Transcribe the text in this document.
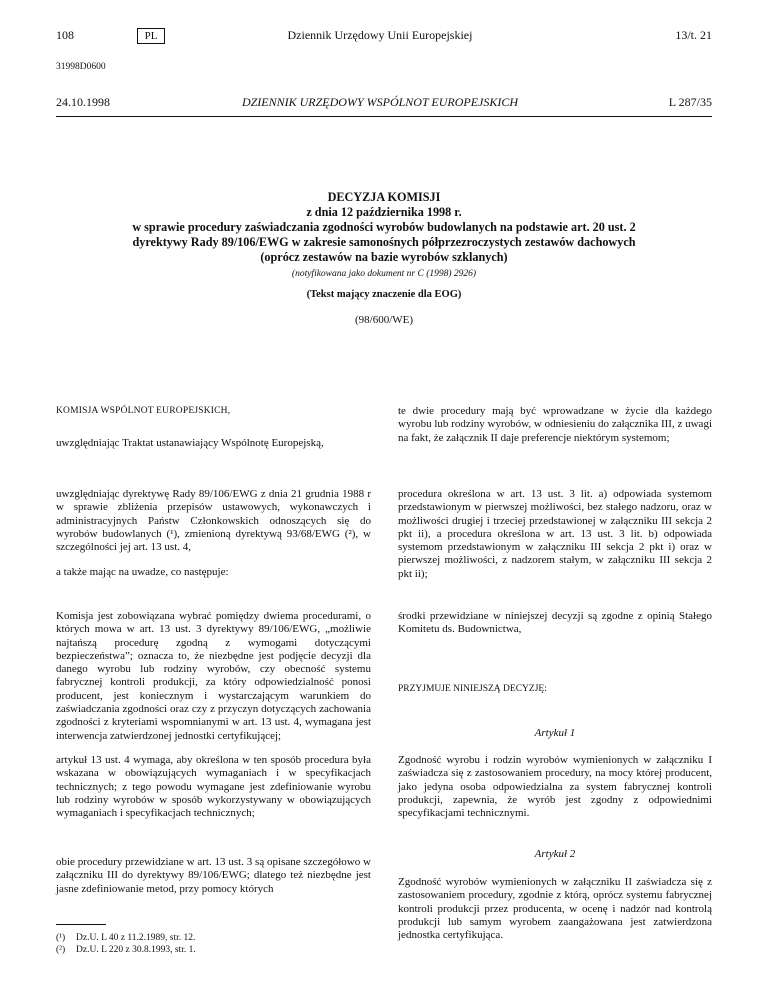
108	PL	Dziennik Urzędowy Unii Europejskiej	13/t. 21
31998D0600
24.10.1998	DZIENNIK URZĘDOWY WSPÓLNOT EUROPEJSKICH	L 287/35
DECYZJA KOMISJI
z dnia 12 października 1998 r.
w sprawie procedury zaświadczania zgodności wyrobów budowlanych na podstawie art. 20 ust. 2
dyrektywy Rady 89/106/EWG w zakresie samonośnych półprzezroczystych zestawów dachowych
(oprócz zestawów na bazie wyrobów szklanych)
(notyfikowana jako dokument nr C (1998) 2926)
(Tekst mający znaczenie dla EOG)
(98/600/WE)

KOMISJA WSPÓLNOT EUROPEJSKICH,

uwzględniając Traktat ustanawiający Wspólnotę Europejską,

uwzględniając dyrektywę Rady 89/106/EWG z dnia 21 grudnia 1988 r w sprawie zbliżenia przepisów ustawowych, wykonawczych i administracyjnych Państw Członkowskich odnoszących się do wyrobów budowlanych (¹), zmienioną dyrektywą 93/68/EWG (²), w szczególności jej art. 13 ust. 4,

a także mając na uwadze, co następuje:

Komisja jest zobowiązana wybrać pomiędzy dwiema procedurami, o których mowa w art. 13 ust. 3 dyrektywy 89/106/EWG, „możliwie najtańszą procedurę zgodną z wymogami dotyczącymi bezpieczeństwa”; oznacza to, że niezbędne jest podjęcie decyzji dla danego wyrobu lub rodziny wyrobów, czy obecność systemu fabrycznej kontroli produkcji, za który odpowiedzialność ponosi producent, jest koniecznym i wystarczającym warunkiem do zaświadczania zgodności oraz czy z przyczyn dotyczących zachowania zgodności z kryteriami wspomnianymi w art. 13 ust. 4, wymagana jest interwencja zatwierdzonej jednostki certyfikującej;

artykuł 13 ust. 4 wymaga, aby określona w ten sposób procedura była wskazana w obowiązujących wymaganiach i w specyfikacjach technicznych; z tego powodu wymagane jest zdefiniowanie wyrobu lub rodziny wyrobów w sposób wykorzystywany w obowiązujących wymaganiach i specyfikacjach technicznych;

obie procedury przewidziane w art. 13 ust. 3 są opisane szczegółowo w załączniku III do dyrektywy 89/106/EWG; dlatego też niezbędne jest jasne zdefiniowanie metod, przy pomocy których

(¹) Dz.U. L 40 z 11.2.1989, str. 12.
(²) Dz.U. L 220 z 30.8.1993, str. 1.

te dwie procedury mają być wprowadzane w życie dla każdego wyrobu lub rodziny wyrobów, w odniesieniu do załącznika III, z uwagi na fakt, że załącznik II daje preferencje niektórym systemom;

procedura określona w art. 13 ust. 3 lit. a) odpowiada systemom przedstawionym w pierwszej możliwości, bez stałego nadzoru, oraz w możliwości drugiej i trzeciej przedstawionej w załączniku III sekcja 2 pkt ii), a procedura określona w art. 13 ust. 3 lit. b) odpowiada systemom przedstawionym w załączniku III sekcja 2 pkt i) oraz w pierwszej możliwości, z nadzorem stałym, w załączniku III sekcja 2 pkt ii);

środki przewidziane w niniejszej decyzji są zgodne z opinią Stałego Komitetu ds. Budownictwa,

PRZYJMUJE NINIEJSZĄ DECYZJĘ:

Artykuł 1

Zgodność wyrobu i rodzin wyrobów wymienionych w załączniku I zaświadcza się z zastosowaniem procedury, na mocy której producent, jako jedyna osoba odpowiedzialna za system fabrycznej kontroli produkcji, zapewnia, że wyrób jest zgodny z odpowiednimi specyfikacjami technicznymi.

Artykuł 2

Zgodność wyrobów wymienionych w załączniku II zaświadcza się z zastosowaniem procedury, zgodnie z którą, oprócz systemu fabrycznej kontroli produkcji przez producenta, w ocenę i nadzór nad kontrolą produkcji lub samym wyrobem zaangażowana jest zatwierdzona jednostka certyfikująca.
